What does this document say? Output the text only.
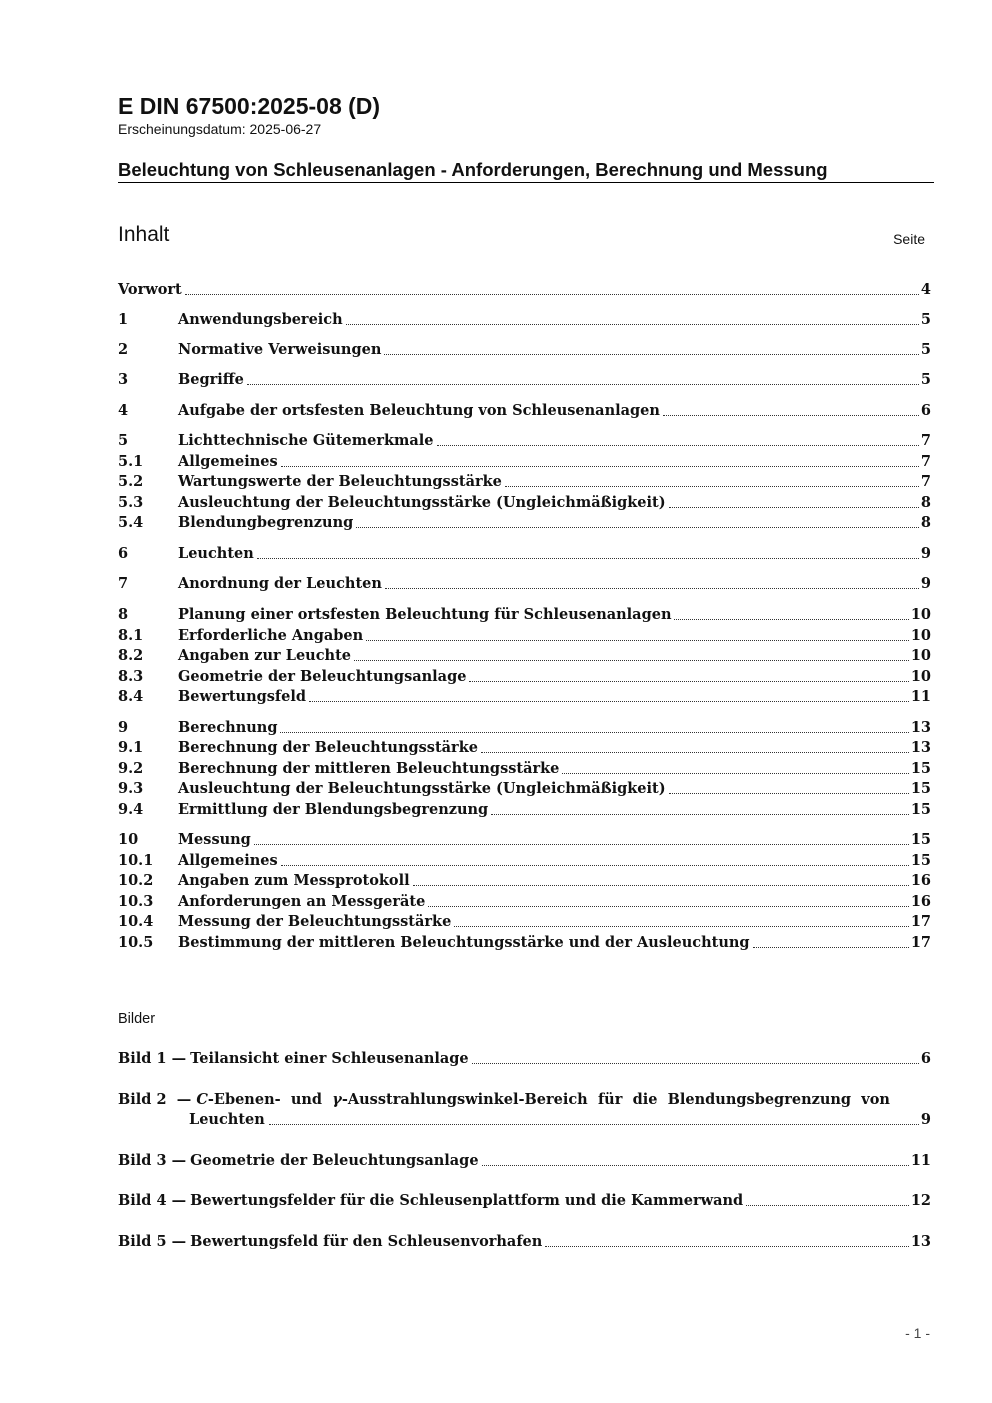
E DIN 67500:2025-08 (D)
Erscheinungsdatum: 2025-06-27
Beleuchtung von Schleusenanlagen - Anforderungen, Berechnung und Messung
Inhalt	Seite
Vorwort	4
1	Anwendungsbereich	5
2	Normative Verweisungen	5
3	Begriffe	5
4	Aufgabe der ortsfesten Beleuchtung von Schleusenanlagen	6
5	Lichttechnische Gütemerkmale	7
5.1	Allgemeines	7
5.2	Wartungswerte der Beleuchtungsstärke	7
5.3	Ausleuchtung der Beleuchtungsstärke (Ungleichmäßigkeit)	8
5.4	Blendungbegrenzung	8
6	Leuchten	9
7	Anordnung der Leuchten	9
8	Planung einer ortsfesten Beleuchtung für Schleusenanlagen	10
8.1	Erforderliche Angaben	10
8.2	Angaben zur Leuchte	10
8.3	Geometrie der Beleuchtungsanlage	10
8.4	Bewertungsfeld	11
9	Berechnung	13
9.1	Berechnung der Beleuchtungsstärke	13
9.2	Berechnung der mittleren Beleuchtungsstärke	15
9.3	Ausleuchtung der Beleuchtungsstärke (Ungleichmäßigkeit)	15
9.4	Ermittlung der Blendungsbegrenzung	15
10	Messung	15
10.1	Allgemeines	15
10.2	Angaben zum Messprotokoll	16
10.3	Anforderungen an Messgeräte	16
10.4	Messung der Beleuchtungsstärke	17
10.5	Bestimmung der mittleren Beleuchtungsstärke und der Ausleuchtung	17
Bilder
Bild 1 — Teilansicht einer Schleusenanlage	6
Bild 2 — C-Ebenen- und γ-Ausstrahlungswinkel-Bereich für die Blendungsbegrenzung von
Leuchten	9
Bild 3 — Geometrie der Beleuchtungsanlage	11
Bild 4 — Bewertungsfelder für die Schleusenplattform und die Kammerwand	12
Bild 5 — Bewertungsfeld für den Schleusenvorhafen	13
- 1 -
